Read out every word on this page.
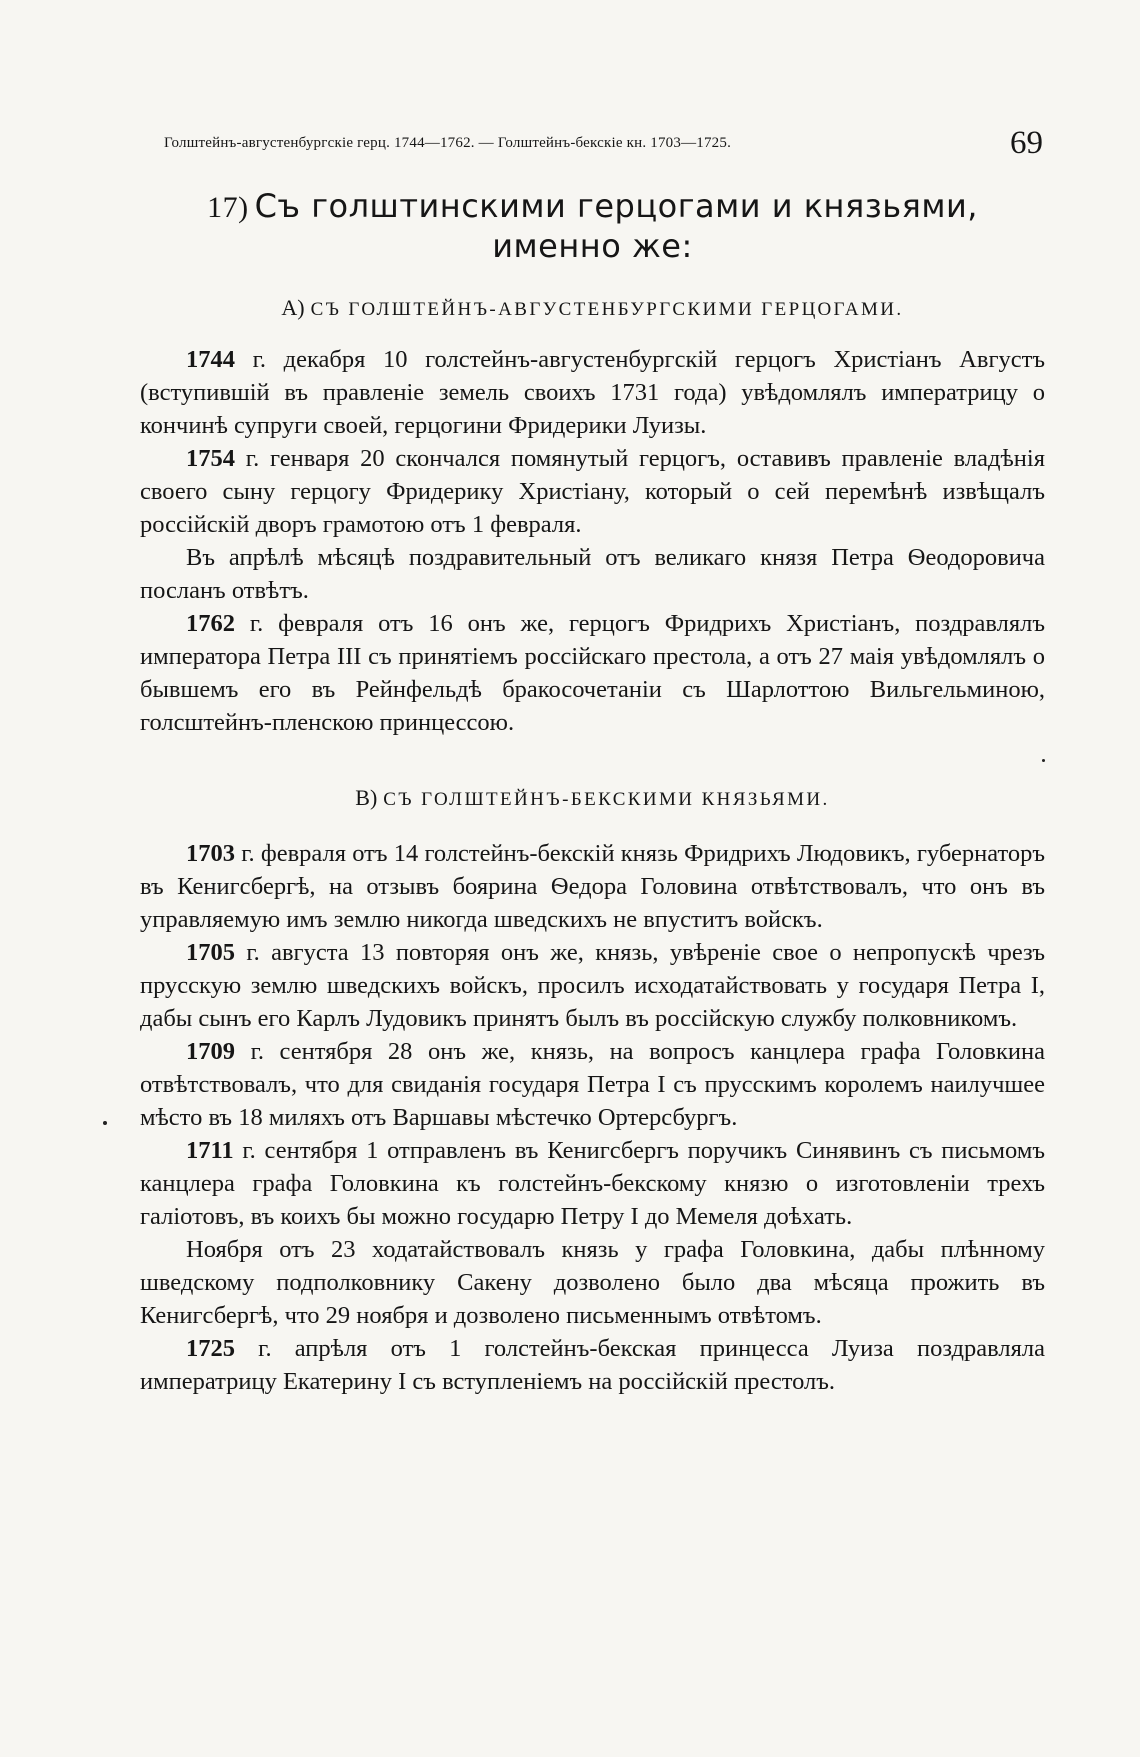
Голштейнъ-августенбургскіе герц. 1744—1762. — Голштейнъ-бекскіе кн. 1703—1725.	69
17) Съ голштинскими герцогами и князьями,
именно же:
A) СЪ ГОЛШТЕЙНЪ-АВГУСТЕНБУРГСКИМИ ГЕРЦОГАМИ.

1744 г. декабря 10 голстейнъ-августенбургскій герцогъ Христіанъ Августъ (вступившій въ правленіе земель своихъ 1731 года) увѣдомлялъ императрицу о кончинѣ супруги своей, герцогини Фридерики Луизы.

1754 г. генваря 20 скончался помянутый герцогъ, оставивъ правленіе владѣнія своего сыну герцогу Фридерику Христіану, который о сей перемѣнѣ извѣщалъ россійскій дворъ грамотою отъ 1 февраля.

Въ апрѣлѣ мѣсяцѣ поздравительный отъ великаго князя Петра Ѳеодоровича посланъ отвѣтъ.

1762 г. февраля отъ 16 онъ же, герцогъ Фридрихъ Христіанъ, поздравлялъ императора Петра III съ принятіемъ россійскаго престола, а отъ 27 маія увѣдомлялъ о бывшемъ его въ Рейнфельдѣ бракосочетаніи съ Шарлоттою Вильгельминою, голсштейнъ-пленскою принцессою.

B) СЪ ГОЛШТЕЙНЪ-БЕКСКИМИ КНЯЗЬЯМИ.

1703 г. февраля отъ 14 голстейнъ-бекскій князь Фридрихъ Людовикъ, губернаторъ въ Кенигсбергѣ, на отзывъ боярина Ѳедора Головина отвѣтствовалъ, что онъ въ управляемую имъ землю никогда шведскихъ не впуститъ войскъ.

1705 г. августа 13 повторяя онъ же, князь, увѣреніе свое о непропускѣ чрезъ прусскую землю шведскихъ войскъ, просилъ исходатайствовать у государя Петра I, дабы сынъ его Карлъ Лудовикъ принятъ былъ въ россійскую службу полковникомъ.

1709 г. сентября 28 онъ же, князь, на вопросъ канцлера графа Головкина отвѣтствовалъ, что для свиданія государя Петра I съ прусскимъ королемъ наилучшее мѣсто въ 18 миляхъ отъ Варшавы мѣстечко Ортерсбургъ.

1711 г. сентября 1 отправленъ въ Кенигсбергъ поручикъ Синявинъ съ письмомъ канцлера графа Головкина къ голстейнъ-бекскому князю о изготовленіи трехъ галіотовъ, въ коихъ бы можно государю Петру I до Мемеля доѣхать.

Ноября отъ 23 ходатайствовалъ князь у графа Головкина, дабы плѣнному шведскому подполковнику Сакену дозволено было два мѣсяца прожить въ Кенигсбергѣ, что 29 ноября и дозволено письменнымъ отвѣтомъ.

1725 г. апрѣля отъ 1 голстейнъ-бекская принцесса Луиза поздравляла императрицу Екатерину I съ вступленіемъ на россійскій престолъ.
